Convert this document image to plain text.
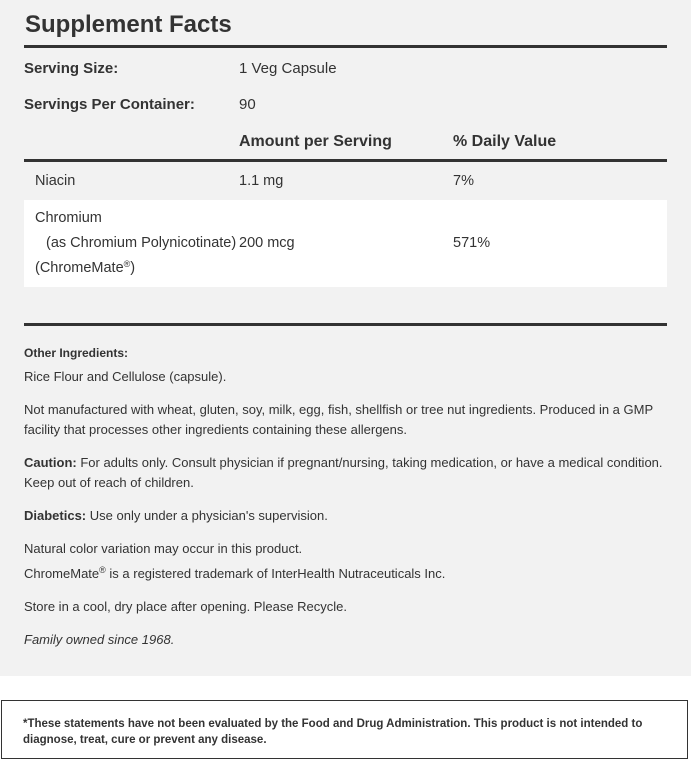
Supplement Facts
Serving Size:	1 Veg Capsule
Servings Per Container:	90
Amount per Serving	% Daily Value
Niacin	1.1 mg	7%
Chromium
(as Chromium Polynicotinate)
(ChromeMate®)
200 mcg	571%
Other Ingredients:
Rice Flour and Cellulose (capsule).
Not manufactured with wheat, gluten, soy, milk, egg, fish, shellfish or tree nut ingredients. Produced in a GMP facility that processes other ingredients containing these allergens.
Caution: For adults only. Consult physician if pregnant/nursing, taking medication, or have a medical condition. Keep out of reach of children.
Diabetics: Use only under a physician's supervision.
Natural color variation may occur in this product.
ChromeMate® is a registered trademark of InterHealth Nutraceuticals Inc.
Store in a cool, dry place after opening. Please Recycle.
Family owned since 1968.
*These statements have not been evaluated by the Food and Drug Administration. This product is not intended to diagnose, treat, cure or prevent any disease.
